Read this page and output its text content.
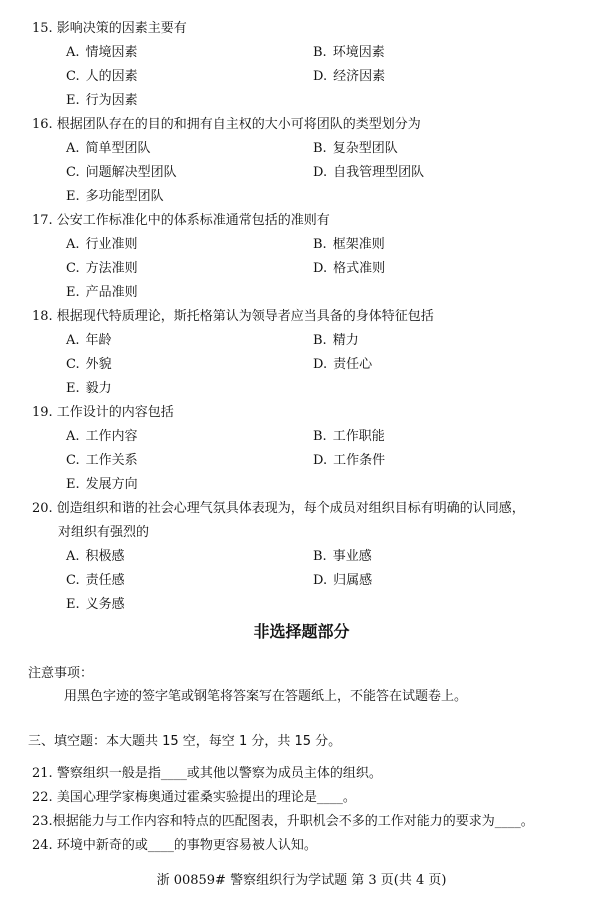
15. 影响决策的因素主要有
A. 情境因素	B. 环境因素
C. 人的因素	D. 经济因素
E. 行为因素
16. 根据团队存在的目的和拥有自主权的大小可将团队的类型划分为
A. 简单型团队	B. 复杂型团队
C. 问题解决型团队	D. 自我管理型团队
E. 多功能型团队
17. 公安工作标准化中的体系标准通常包括的准则有
A. 行业准则	B. 框架准则
C. 方法准则	D. 格式准则
E. 产品准则
18. 根据现代特质理论，斯托格第认为领导者应当具备的身体特征包括
A. 年龄	B. 精力
C. 外貌	D. 责任心
E. 毅力
19. 工作设计的内容包括
A. 工作内容	B. 工作职能
C. 工作关系	D. 工作条件
E. 发展方向
20. 创造组织和谐的社会心理气氛具体表现为，每个成员对组织目标有明确的认同感，
对组织有强烈的
A. 积极感	B. 事业感
C. 责任感	D. 归属感
E. 义务感
非选择题部分
注意事项：
用黑色字迹的签字笔或钢笔将答案写在答题纸上，不能答在试题卷上。
三、填空题：本大题共 15 空，每空 1 分，共 15 分。
21. 警察组织一般是指____或其他以警察为成员主体的组织。
22. 美国心理学家梅奥通过霍桑实验提出的理论是____。
23.根据能力与工作内容和特点的匹配图表，升职机会不多的工作对能力的要求为____。
24. 环境中新奇的或____的事物更容易被人认知。
浙 00859# 警察组织行为学试题 第 3 页(共 4 页)
